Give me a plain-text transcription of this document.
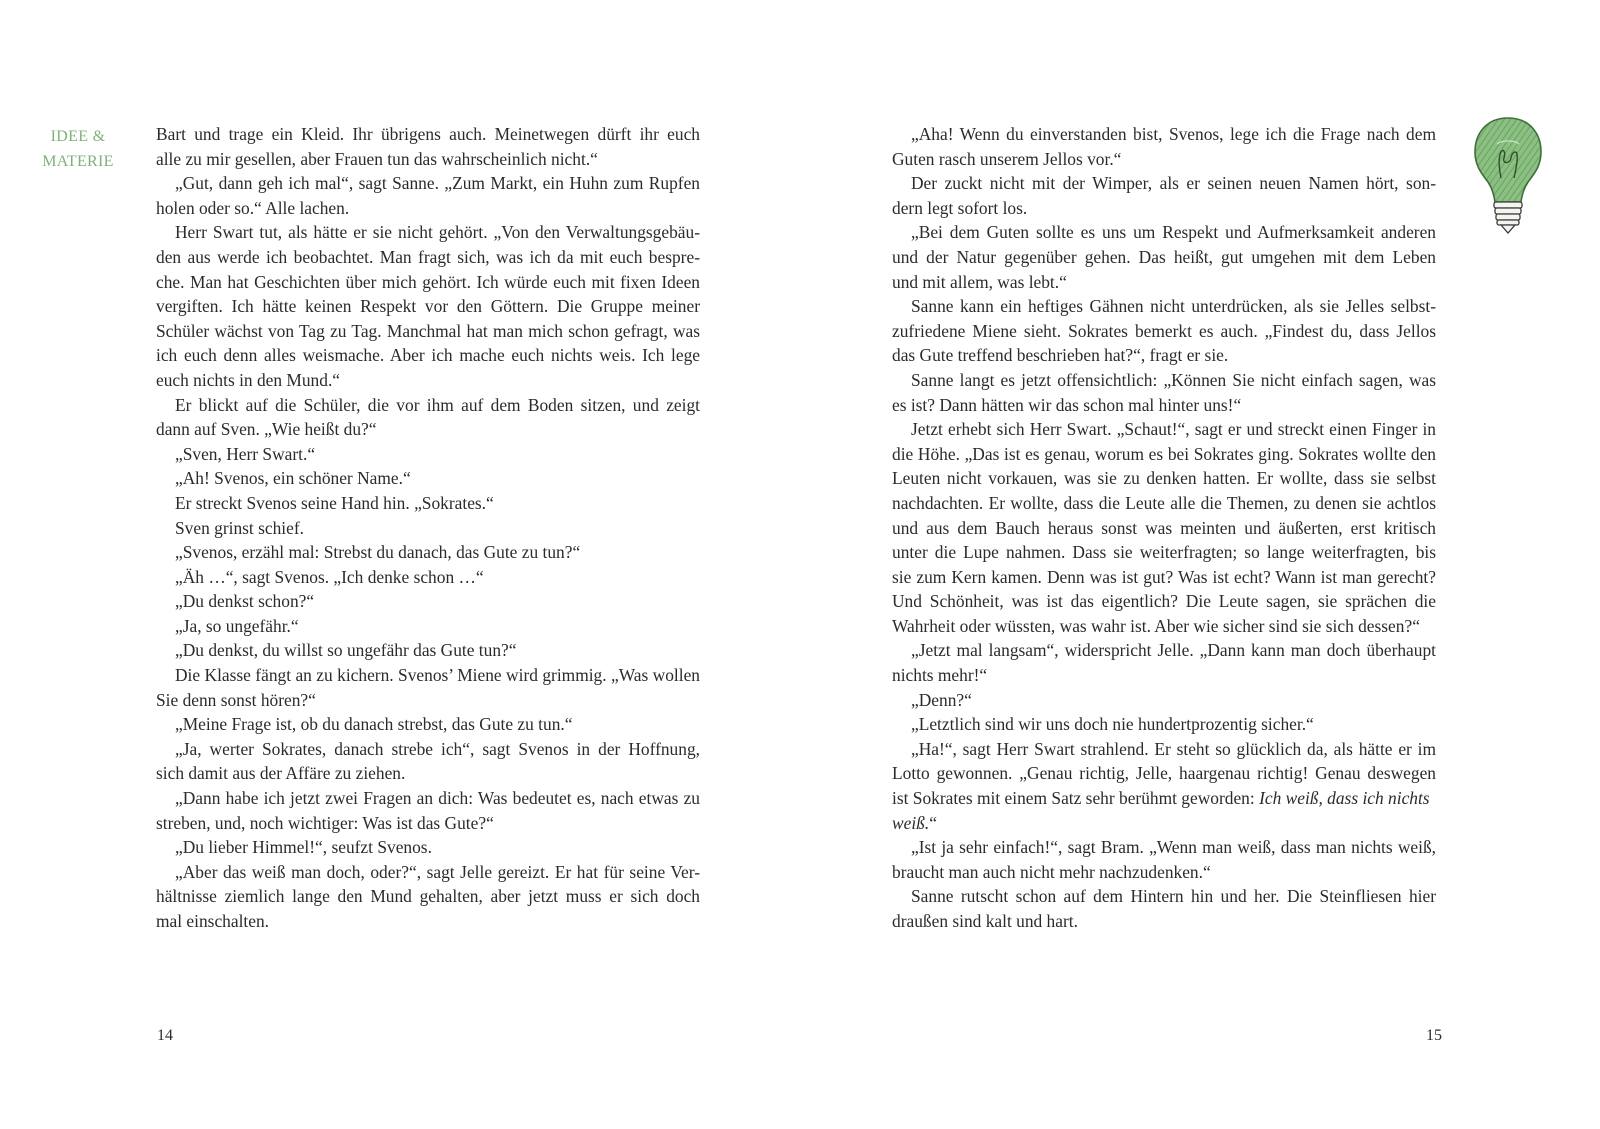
IDEE &
MATERIE
Bart und trage ein Kleid. Ihr übrigens auch. Meinetwegen dürft ihr euch
alle zu mir gesellen, aber Frauen tun das wahrscheinlich nicht.“
„Gut, dann geh ich mal“, sagt Sanne. „Zum Markt, ein Huhn zum Rupfen
holen oder so.“ Alle lachen.
Herr Swart tut, als hätte er sie nicht gehört. „Von den Verwaltungsgebäu-
den aus werde ich beobachtet. Man fragt sich, was ich da mit euch bespre-
che. Man hat Geschichten über mich gehört. Ich würde euch mit fixen Ideen
vergiften. Ich hätte keinen Respekt vor den Göttern. Die Gruppe meiner
Schüler wächst von Tag zu Tag. Manchmal hat man mich schon gefragt, was
ich euch denn alles weismache. Aber ich mache euch nichts weis. Ich lege
euch nichts in den Mund.“
Er blickt auf die Schüler, die vor ihm auf dem Boden sitzen, und zeigt
dann auf Sven. „Wie heißt du?“
„Sven, Herr Swart.“
„Ah! Svenos, ein schöner Name.“
Er streckt Svenos seine Hand hin. „Sokrates.“
Sven grinst schief.
„Svenos, erzähl mal: Strebst du danach, das Gute zu tun?“
„Äh …“, sagt Svenos. „Ich denke schon …“
„Du denkst schon?“
„Ja, so ungefähr.“
„Du denkst, du willst so ungefähr das Gute tun?“
Die Klasse fängt an zu kichern. Svenos’ Miene wird grimmig. „Was wollen
Sie denn sonst hören?“
„Meine Frage ist, ob du danach strebst, das Gute zu tun.“
„Ja, werter Sokrates, danach strebe ich“, sagt Svenos in der Hoffnung,
sich damit aus der Affäre zu ziehen.
„Dann habe ich jetzt zwei Fragen an dich: Was bedeutet es, nach etwas zu
streben, und, noch wichtiger: Was ist das Gute?“
„Du lieber Himmel!“, seufzt Svenos.
„Aber das weiß man doch, oder?“, sagt Jelle gereizt. Er hat für seine Ver-
hältnisse ziemlich lange den Mund gehalten, aber jetzt muss er sich doch
mal einschalten.
14
„Aha! Wenn du einverstanden bist, Svenos, lege ich die Frage nach dem
Guten rasch unserem Jellos vor.“
Der zuckt nicht mit der Wimper, als er seinen neuen Namen hört, son-
dern legt sofort los.
„Bei dem Guten sollte es uns um Respekt und Aufmerksamkeit anderen
und der Natur gegenüber gehen. Das heißt, gut umgehen mit dem Leben
und mit allem, was lebt.“
Sanne kann ein heftiges Gähnen nicht unterdrücken, als sie Jelles selbst-
zufriedene Miene sieht. Sokrates bemerkt es auch. „Findest du, dass Jellos
das Gute treffend beschrieben hat?“, fragt er sie.
Sanne langt es jetzt offensichtlich: „Können Sie nicht einfach sagen, was
es ist? Dann hätten wir das schon mal hinter uns!“
Jetzt erhebt sich Herr Swart. „Schaut!“, sagt er und streckt einen Finger in
die Höhe. „Das ist es genau, worum es bei Sokrates ging. Sokrates wollte den
Leuten nicht vorkauen, was sie zu denken hatten. Er wollte, dass sie selbst
nachdachten. Er wollte, dass die Leute alle die Themen, zu denen sie achtlos
und aus dem Bauch heraus sonst was meinten und äußerten, erst kritisch
unter die Lupe nahmen. Dass sie weiterfragten; so lange weiterfragten, bis
sie zum Kern kamen. Denn was ist gut? Was ist echt? Wann ist man gerecht?
Und Schönheit, was ist das eigentlich? Die Leute sagen, sie sprächen die
Wahrheit oder wüssten, was wahr ist. Aber wie sicher sind sie sich dessen?“
„Jetzt mal langsam“, widerspricht Jelle. „Dann kann man doch überhaupt
nichts mehr!“
„Denn?“
„Letztlich sind wir uns doch nie hundertprozentig sicher.“
„Ha!“, sagt Herr Swart strahlend. Er steht so glücklich da, als hätte er im
Lotto gewonnen. „Genau richtig, Jelle, haargenau richtig! Genau deswegen
ist Sokrates mit einem Satz sehr berühmt geworden: Ich weiß, dass ich nichts
weiß.“
„Ist ja sehr einfach!“, sagt Bram. „Wenn man weiß, dass man nichts weiß,
braucht man auch nicht mehr nachzudenken.“
Sanne rutscht schon auf dem Hintern hin und her. Die Steinfliesen hier
draußen sind kalt und hart.
15
